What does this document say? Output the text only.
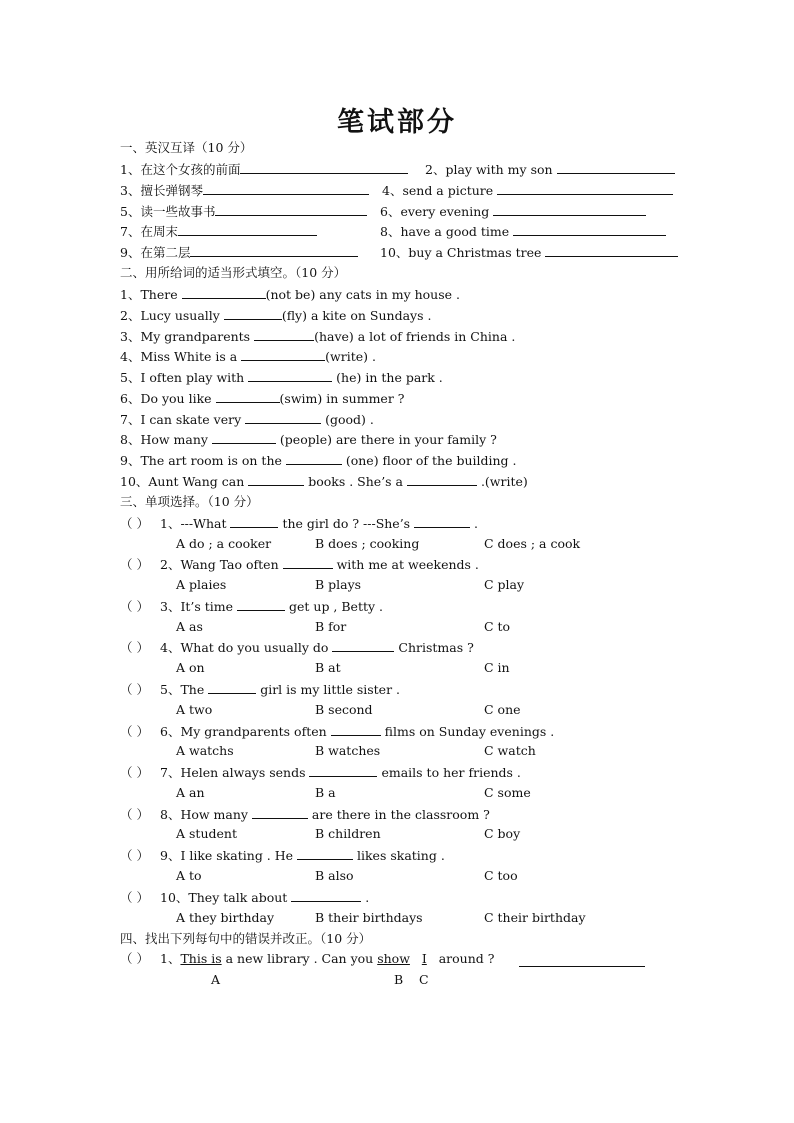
笔试部分
一、英汉互译（10 分）
1、在这个女孩的前面	2、play with my son
3、擅长弹钢琴	4、send a picture
5、读一些故事书	6、every evening
7、在周末	8、have a good time
9、在第二层	10、buy a Christmas tree
二、用所给词的适当形式填空。（10 分）
1、There	(not be) any cats in my house .
2、Lucy usually	(fly) a kite on Sundays .
3、My grandparents	(have) a lot of friends in China .
4、Miss White is a	(write) .
5、I often play with	(he) in the park .
6、Do you like	(swim) in summer ?
7、I can skate very	(good) .
8、How many	(people) are there in your family ?
9、The art room is on the	(one) floor of the building .
10、Aunt Wang can	books . She’s a	.(write)
三、单项选择。（10 分）
（ ） 1、---What	the girl do ? ---She’s	.
A do ; a cooker	B does ; cooking	C does ; a cook
（ ） 2、Wang Tao often	with me at weekends .
A plaies	B plays	C play
（ ） 3、It’s time	get up , Betty .
A as	B for	C to
（ ） 4、What do you usually do	Christmas ?
A on	B at	C in
（ ） 5、The	girl is my little sister .
A two	B second	C one
（ ） 6、My grandparents often	films on Sunday evenings .
A watchs	B watches	C watch
（ ） 7、Helen always sends	emails to her friends .
A an	B a	C some
（ ） 8、How many	are there in the classroom ?
A student	B children	C boy
（ ） 9、I like skating . He	likes skating .
A to	B also	C too
（ ） 10、They talk about	.
A they birthday	B their birthdays	C their birthday
四、找出下列每句中的错误并改正。（10 分）
（ ） 1、This is a new library . Can you show I   around ?
A	B C
